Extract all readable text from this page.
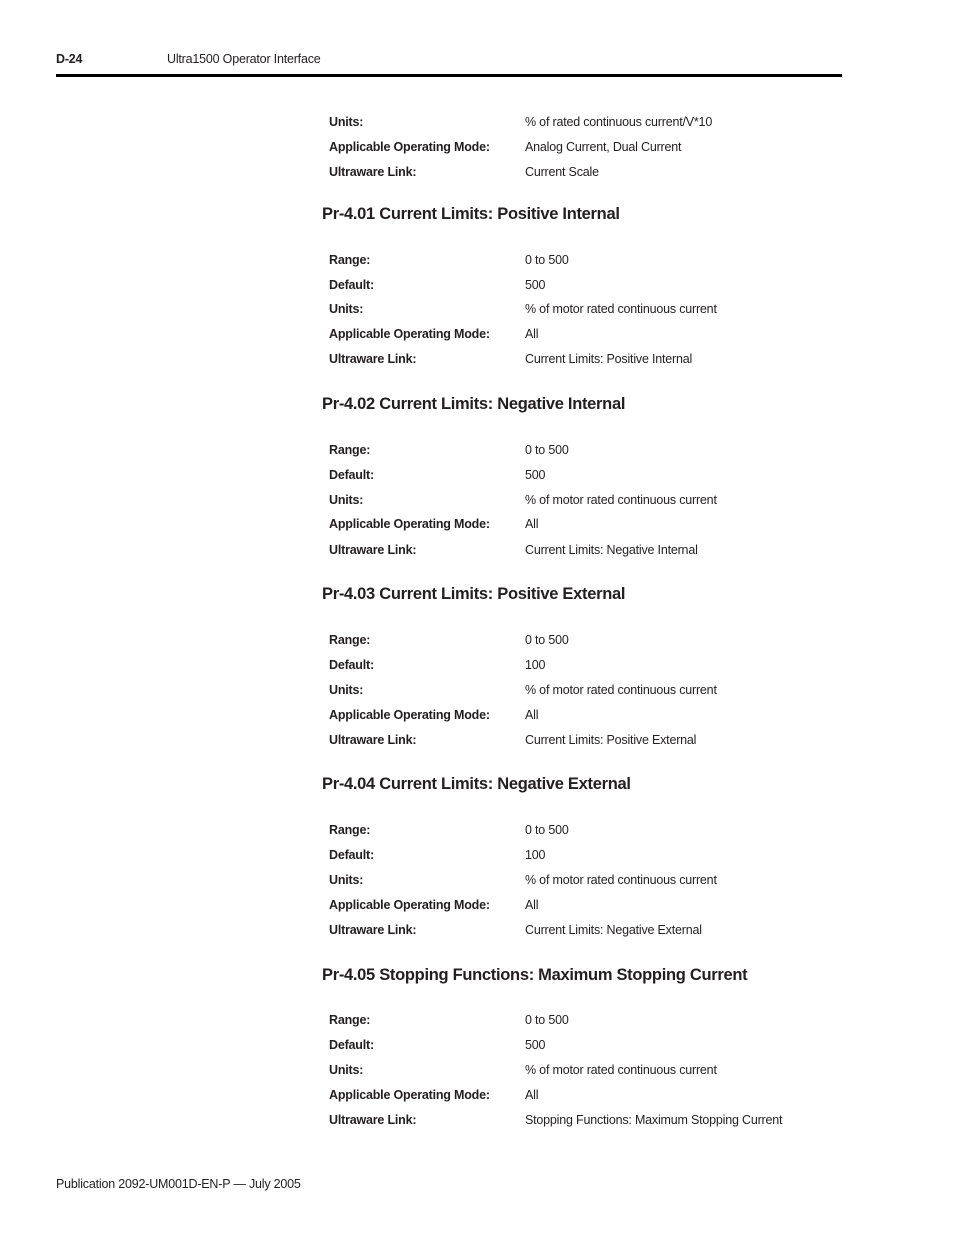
D-24	Ultra1500 Operator Interface
Units:	% of rated continuous current/V*10
Applicable Operating Mode:	Analog Current, Dual Current
Ultraware Link:	Current Scale
Pr-4.01 Current Limits: Positive Internal
Range:	0 to 500
Default:	500
Units:	% of motor rated continuous current
Applicable Operating Mode:	All
Ultraware Link:	Current Limits: Positive Internal
Pr-4.02 Current Limits: Negative Internal
Range:	0 to 500
Default:	500
Units:	% of motor rated continuous current
Applicable Operating Mode:	All
Ultraware Link:	Current Limits: Negative Internal
Pr-4.03 Current Limits: Positive External
Range:	0 to 500
Default:	100
Units:	% of motor rated continuous current
Applicable Operating Mode:	All
Ultraware Link:	Current Limits: Positive External
Pr-4.04 Current Limits: Negative External
Range:	0 to 500
Default:	100
Units:	% of motor rated continuous current
Applicable Operating Mode:	All
Ultraware Link:	Current Limits: Negative External
Pr-4.05 Stopping Functions: Maximum Stopping Current
Range:	0 to 500
Default:	500
Units:	% of motor rated continuous current
Applicable Operating Mode:	All
Ultraware Link:	Stopping Functions: Maximum Stopping Current
Publication 2092-UM001D-EN-P — July 2005
